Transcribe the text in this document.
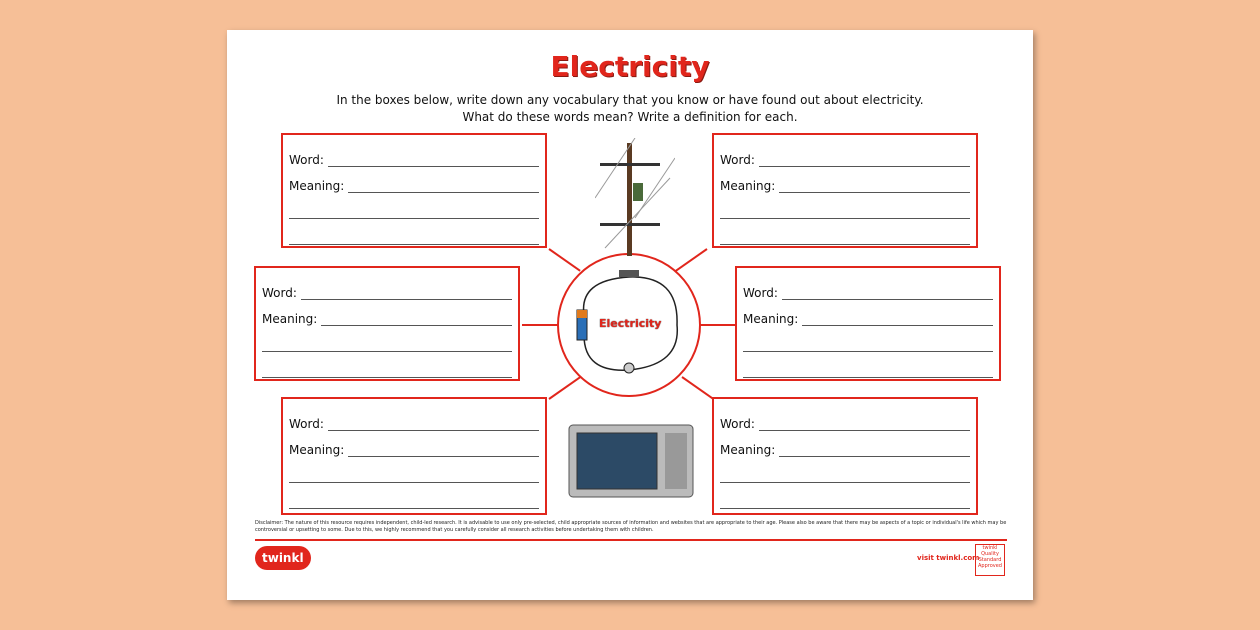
Electricity
In the boxes below, write down any vocabulary that you know or have found out about electricity.
What do these words mean? Write a definition for each.
Electricity
Word:
Meaning:
Word:
Meaning:
Word:
Meaning:
Word:
Meaning:
Word:
Meaning:
Word:
Meaning:
Disclaimer: The nature of this resource requires independent, child-led research. It is advisable to use only pre-selected, child appropriate sources of information and websites that are appropriate to their age. Please also be aware that there may be aspects of a topic or individual's life which may be controversial or upsetting to some. Due to this, we highly recommend that you carefully consider all research activities before undertaking them with children.
twinkl	visit twinkl.com
twinkl Quality Standard Approved
